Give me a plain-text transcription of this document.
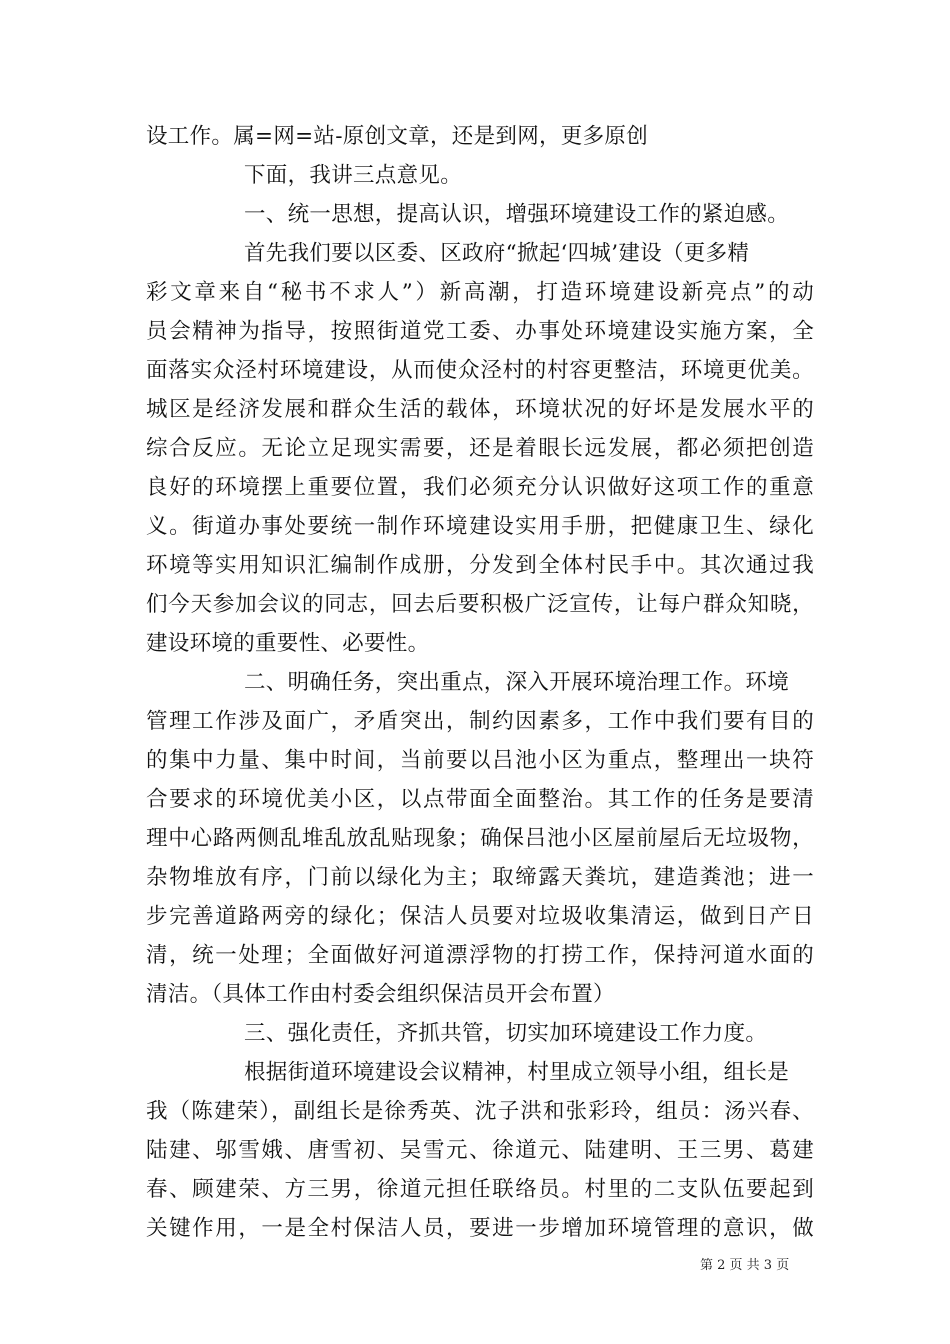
设工作。属=网=站-原创文章，还是到网，更多原创
下面，我讲三点意见。
一、统一思想，提高认识，增强环境建设工作的紧迫感。
首先我们要以区委、区政府“掀起‘四城’建设（更多精
彩文章来自“秘书不求人”）新高潮，打造环境建设新亮点”的动
员会精神为指导，按照街道党工委、办事处环境建设实施方案，全
面落实众泾村环境建设，从而使众泾村的村容更整洁，环境更优美。
城区是经济发展和群众生活的载体，环境状况的好坏是发展水平的
综合反应。无论立足现实需要，还是着眼长远发展，都必须把创造
良好的环境摆上重要位置，我们必须充分认识做好这项工作的重意
义。街道办事处要统一制作环境建设实用手册，把健康卫生、绿化
环境等实用知识汇编制作成册，分发到全体村民手中。其次通过我
们今天参加会议的同志，回去后要积极广泛宣传，让每户群众知晓，
建设环境的重要性、必要性。
二、明确任务，突出重点，深入开展环境治理工作。环境
管理工作涉及面广，矛盾突出，制约因素多，工作中我们要有目的
的集中力量、集中时间，当前要以吕池小区为重点，整理出一块符
合要求的环境优美小区，以点带面全面整治。其工作的任务是要清
理中心路两侧乱堆乱放乱贴现象；确保吕池小区屋前屋后无垃圾物，
杂物堆放有序，门前以绿化为主；取缔露天粪坑，建造粪池；进一
步完善道路两旁的绿化；保洁人员要对垃圾收集清运，做到日产日
清，统一处理；全面做好河道漂浮物的打捞工作，保持河道水面的
清洁。（具体工作由村委会组织保洁员开会布置）
三、强化责任，齐抓共管，切实加环境建设工作力度。
根据街道环境建设会议精神，村里成立领导小组，组长是
我（陈建荣），副组长是徐秀英、沈子洪和张彩玲，组员：汤兴春、
陆建、邬雪娥、唐雪初、吴雪元、徐道元、陆建明、王三男、葛建
春、顾建荣、方三男，徐道元担任联络员。村里的二支队伍要起到
关键作用，一是全村保洁人员，要进一步增加环境管理的意识，做
第 2 页 共 3 页
